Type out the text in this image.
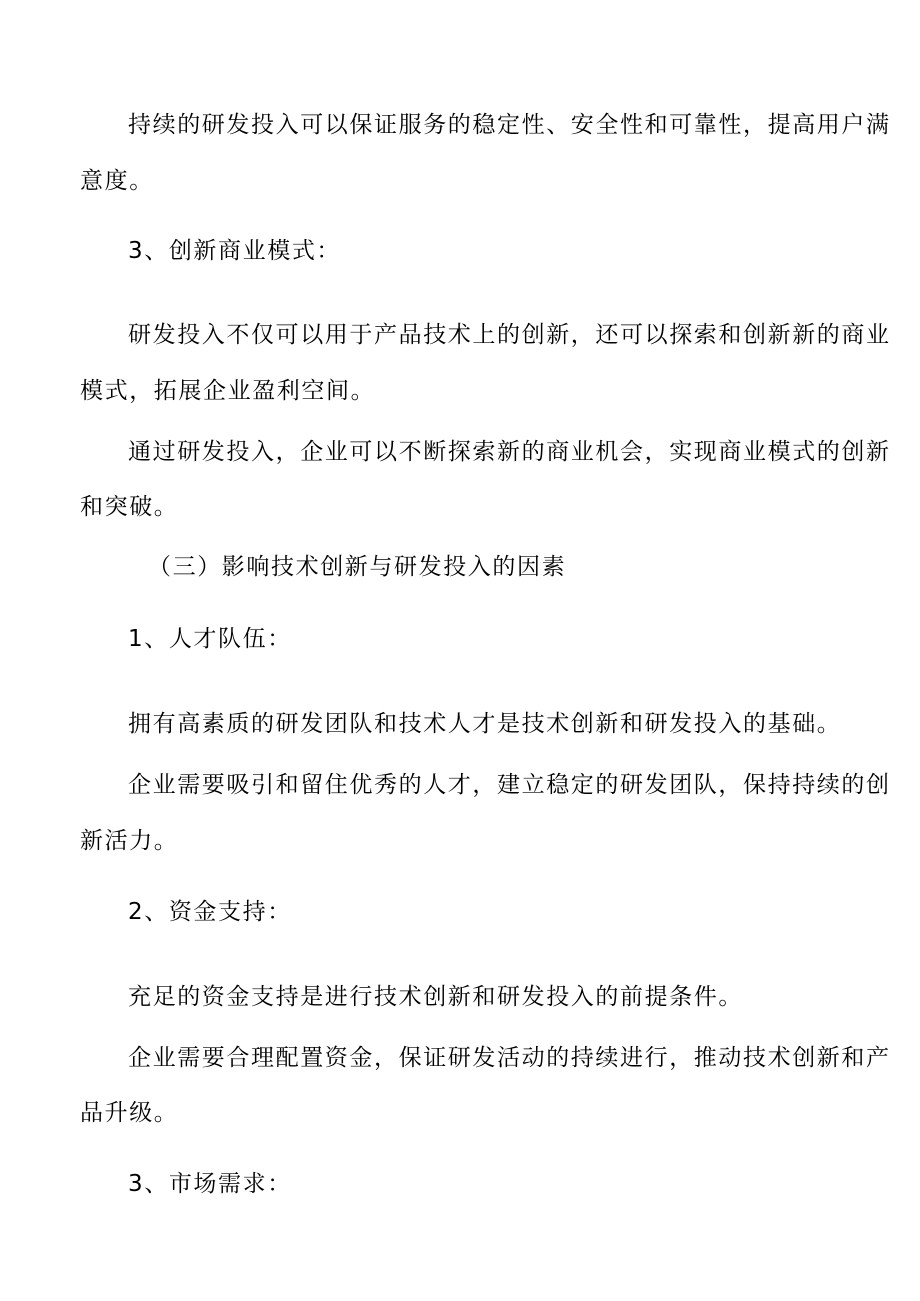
持续的研发投入可以保证服务的稳定性、安全性和可靠性，提高用户满
意度。
3、创新商业模式：
研发投入不仅可以用于产品技术上的创新，还可以探索和创新新的商业
模式，拓展企业盈利空间。
通过研发投入，企业可以不断探索新的商业机会，实现商业模式的创新
和突破。
（三）影响技术创新与研发投入的因素
1、人才队伍：
拥有高素质的研发团队和技术人才是技术创新和研发投入的基础。
企业需要吸引和留住优秀的人才，建立稳定的研发团队，保持持续的创
新活力。
2、资金支持：
充足的资金支持是进行技术创新和研发投入的前提条件。
企业需要合理配置资金，保证研发活动的持续进行，推动技术创新和产
品升级。
3、市场需求：
